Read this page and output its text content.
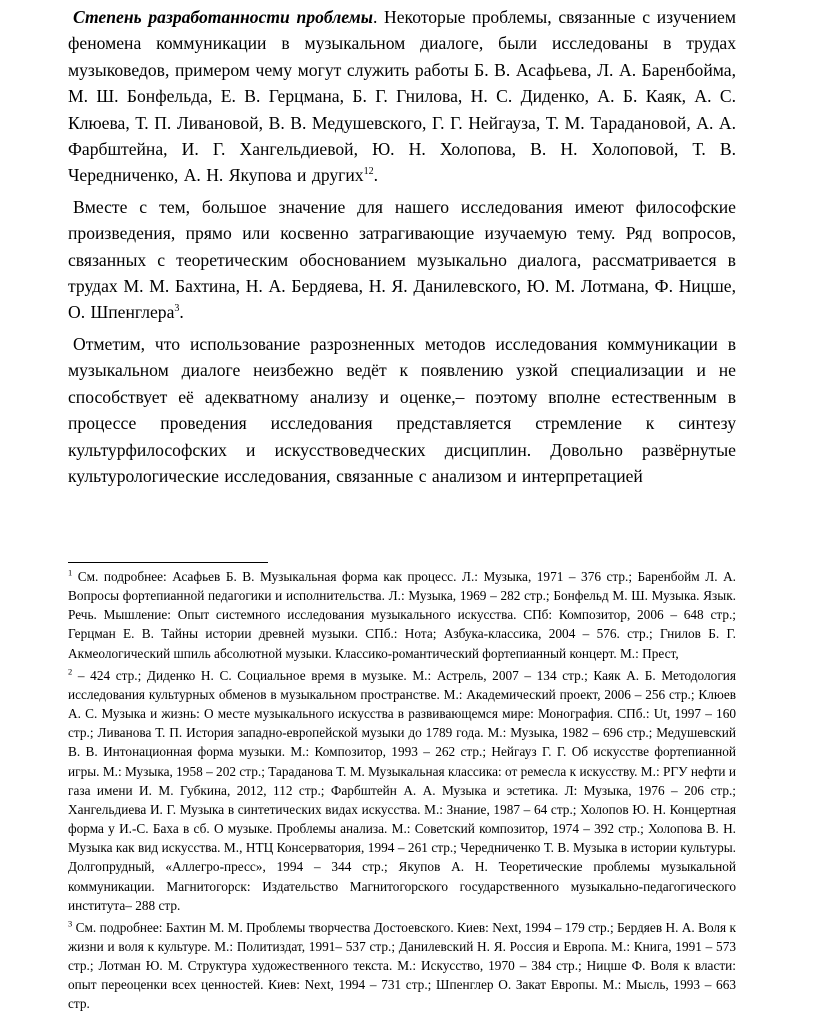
Степень разработанности проблемы. Некоторые проблемы, связанные с изучением феномена коммуникации в музыкальном диалоге, были исследованы в трудах музыковедов, примером чему могут служить работы Б. В. Асафьева, Л. А. Баренбойма, М. Ш. Бонфельда, Е. В. Герцмана, Б. Г. Гнилова, Н. С. Диденко, А. Б. Каяк, А. С. Клюева, Т. П. Ливановой, В. В. Медушевского, Г. Г. Нейгауза, Т. М. Тарадановой, А. А. Фарбштейна, И. Г. Хангельдиевой, Ю. Н. Холопова, В. Н. Холоповой, Т. В. Чередниченко, А. Н. Якупова и других$^{12}$.

Вместе с тем, большое значение для нашего исследования имеют философские произведения, прямо или косвенно затрагивающие изучаемую тему. Ряд вопросов, связанных с теоретическим обоснованием музыкально диалога, рассматривается в трудах М. М. Бахтина, Н. А. Бердяева, Н. Я. Данилевского, Ю. М. Лотмана, Ф. Ницше, О. Шпенглера$^3$.

Отметим, что использование разрозненных методов исследования коммуникации в музыкальном диалоге неизбежно ведёт к появлению узкой специализации и не способствует её адекватному анализу и оценке,– поэтому вполне естественным в процессе проведения исследования представляется стремление к синтезу культурфилософских и искусствоведческих дисциплин. Довольно развёрнутые культурологические исследования, связанные с анализом и интерпретацией

$^1$ См. подробнее: Асафьев Б. В. Музыкальная форма как процесс. Л.: Музыка, 1971 – 376 стр.; Баренбойм Л. А. Вопросы фортепианной педагогики и исполнительства. Л.: Музыка, 1969 – 282 стр.; Бонфельд М. Ш. Музыка. Язык. Речь. Мышление: Опыт системного исследования музыкального искусства. СПб: Композитор, 2006 – 648 стр.; Герцман Е. В. Тайны истории древней музыки. СПб.: Нота; Азбука-классика, 2004 – 576. стр.; Гнилов Б. Г. Акмеологический шпиль абсолютной музыки. Классико-романтический фортепианный концерт. М.: Прест,

$^2$ – 424 стр.; Диденко Н. С. Социальное время в музыке. М.: Астрель, 2007 – 134 стр.; Каяк А. Б. Методология исследования культурных обменов в музыкальном пространстве. М.: Академический проект, 2006 – 256 стр.; Клюев А. С. Музыка и жизнь: О месте музыкального искусства в развивающемся мире: Монография. СПб.: Ut, 1997 – 160 стр.; Ливанова Т. П. История западно-европейской музыки до 1789 года. М.: Музыка, 1982 – 696 стр.; Медушевский В. В. Интонационная форма музыки. М.: Композитор, 1993 – 262 стр.; Нейгауз Г. Г. Об искусстве фортепианной игры. М.: Музыка, 1958 – 202 стр.; Тараданова Т. М. Музыкальная классика: от ремесла к искусству. М.: РГУ нефти и газа имени И. М. Губкина, 2012, 112 стр.; Фарбштейн А. А. Музыка и эстетика. Л: Музыка, 1976 – 206 стр.; Хангельдиева И. Г. Музыка в синтетических видах искусства. М.: Знание, 1987 – 64 стр.; Холопов Ю. Н. Концертная форма у И.-С. Баха в сб. О музыке. Проблемы анализа. М.: Советский композитор, 1974 – 392 стр.; Холопова В. Н. Музыка как вид искусства. М., НТЦ Консерватория, 1994 – 261 стр.; Чередниченко Т. В. Музыка в истории культуры. Долгопрудный, «Аллегро-пресс», 1994 – 344 стр.; Якупов А. Н. Теоретические проблемы музыкальной коммуникации. Магнитогорск: Издательство Магнитогорского государственного музыкально-педагогического института– 288 стр.

$^3$ См. подробнее: Бахтин М. М. Проблемы творчества Достоевского. Киев: Next, 1994 – 179 стр.; Бердяев Н. А. Воля к жизни и воля к культуре. М.: Политиздат, 1991– 537 стр.; Данилевский Н. Я. Россия и Европа. М.: Книга, 1991 – 573 стр.; Лотман Ю. М. Структура художественного текста. М.: Искусство, 1970 – 384 стр.; Ницше Ф. Воля к власти: опыт переоценки всех ценностей. Киев: Next, 1994 – 731 стр.; Шпенглер О. Закат Европы. М.: Мысль, 1993 – 663 стр.
